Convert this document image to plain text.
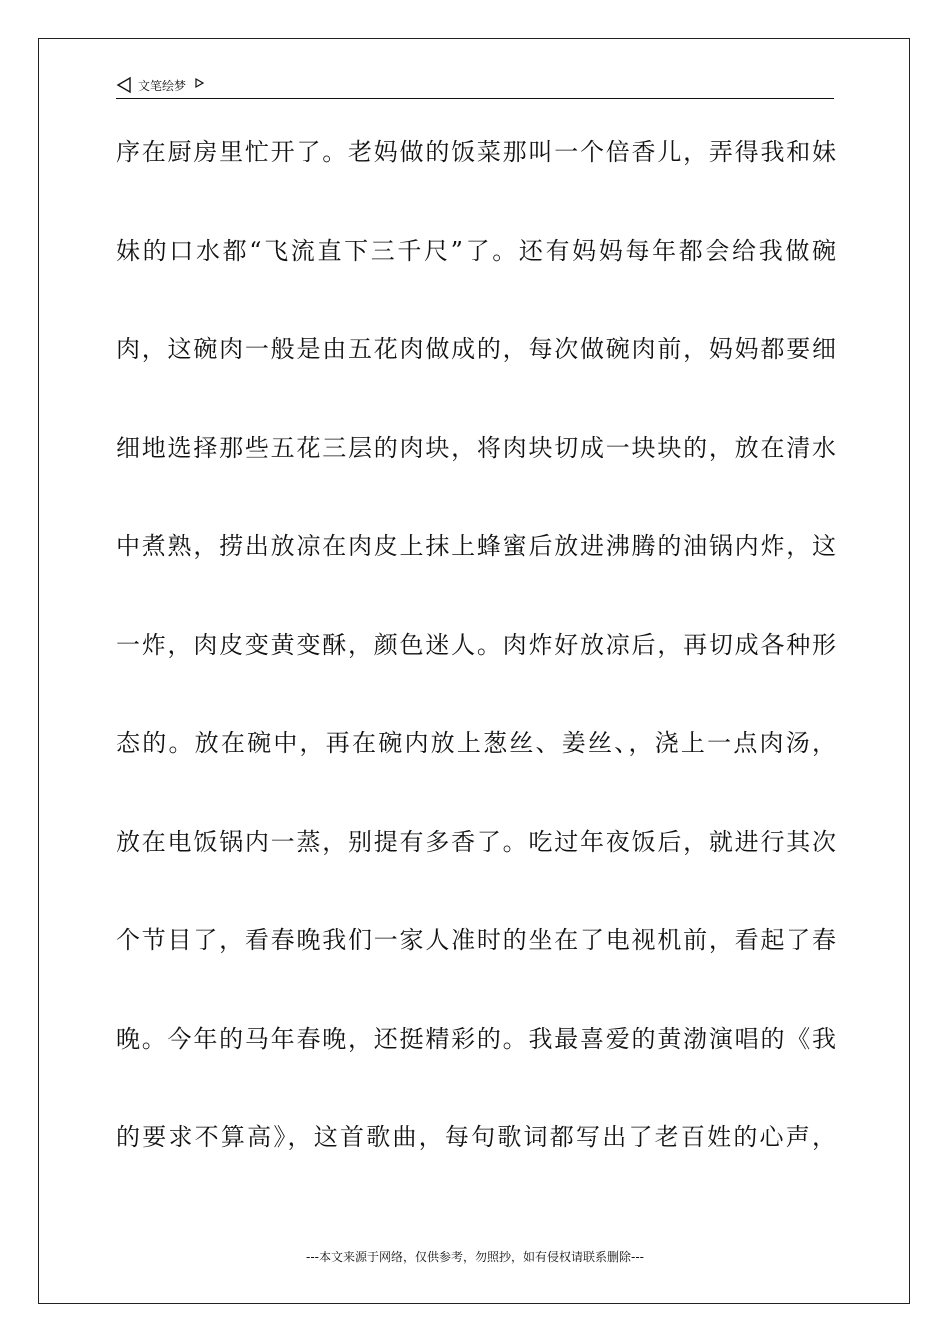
文笔绘梦
序在厨房里忙开了。老妈做的饭菜那叫一个倍香儿，弄得我和妹
妹的口水都“飞流直下三千尺”了。还有妈妈每年都会给我做碗
肉，这碗肉一般是由五花肉做成的，每次做碗肉前，妈妈都要细
细地选择那些五花三层的肉块，将肉块切成一块块的，放在清水
中煮熟，捞出放凉在肉皮上抹上蜂蜜后放进沸腾的油锅内炸，这
一炸，肉皮变黄变酥，颜色迷人。肉炸好放凉后，再切成各种形
态的。放在碗中，再在碗内放上葱丝、姜丝、，浇上一点肉汤，
放在电饭锅内一蒸，别提有多香了。吃过年夜饭后，就进行其次
个节目了，看春晚我们一家人准时的坐在了电视机前，看起了春
晚。今年的马年春晚，还挺精彩的。我最喜爱的黄渤演唱的《我
的要求不算高》，这首歌曲，每句歌词都写出了老百姓的心声，
---本文来源于网络，仅供参考，勿照抄，如有侵权请联系删除---
